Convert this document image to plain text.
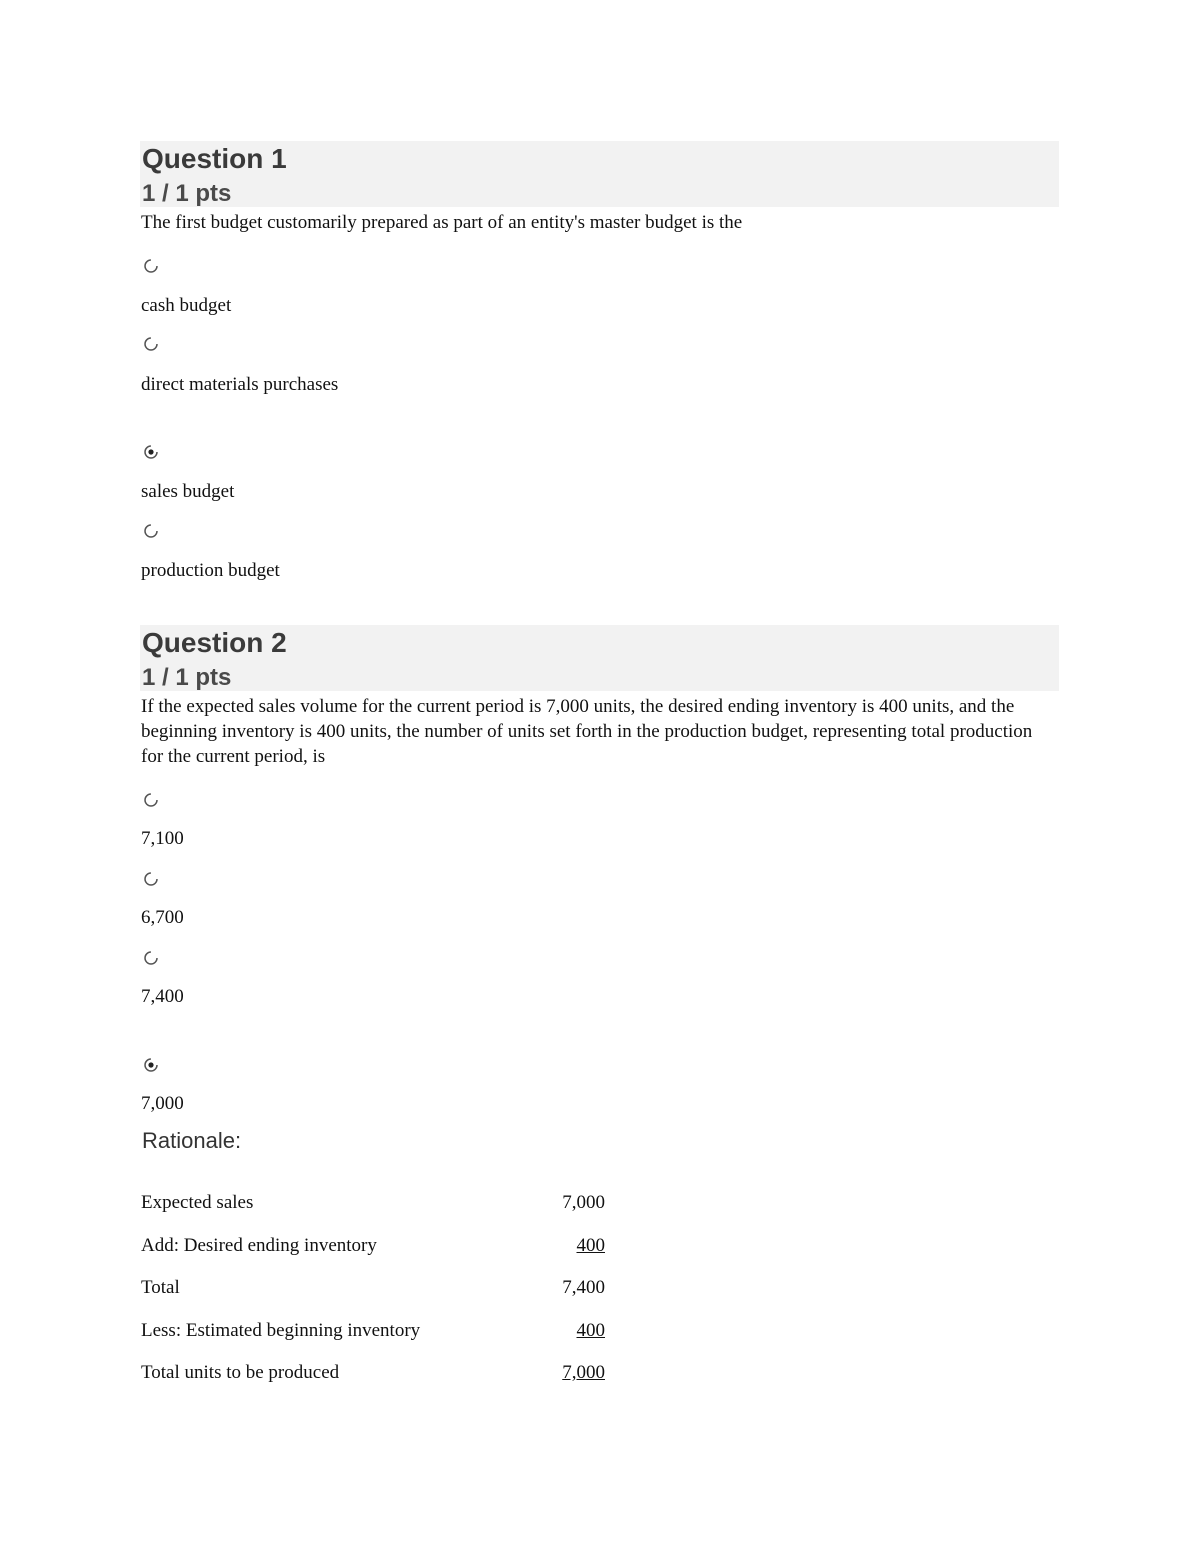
Question 1
1 / 1 pts
The first budget customarily prepared as part of an entity's master budget is the
cash budget
direct materials purchases
sales budget
production budget
Question 2
1 / 1 pts
If the expected sales volume for the current period is 7,000 units, the desired ending inventory is 400 units, and the beginning inventory is 400 units, the number of units set forth in the production budget, representing total production for the current period, is
7,100
6,700
7,400
7,000
Rationale:
Expected sales	7,000
Add: Desired ending inventory	400
Total	7,400
Less: Estimated beginning inventory	400
Total units to be produced	7,000
